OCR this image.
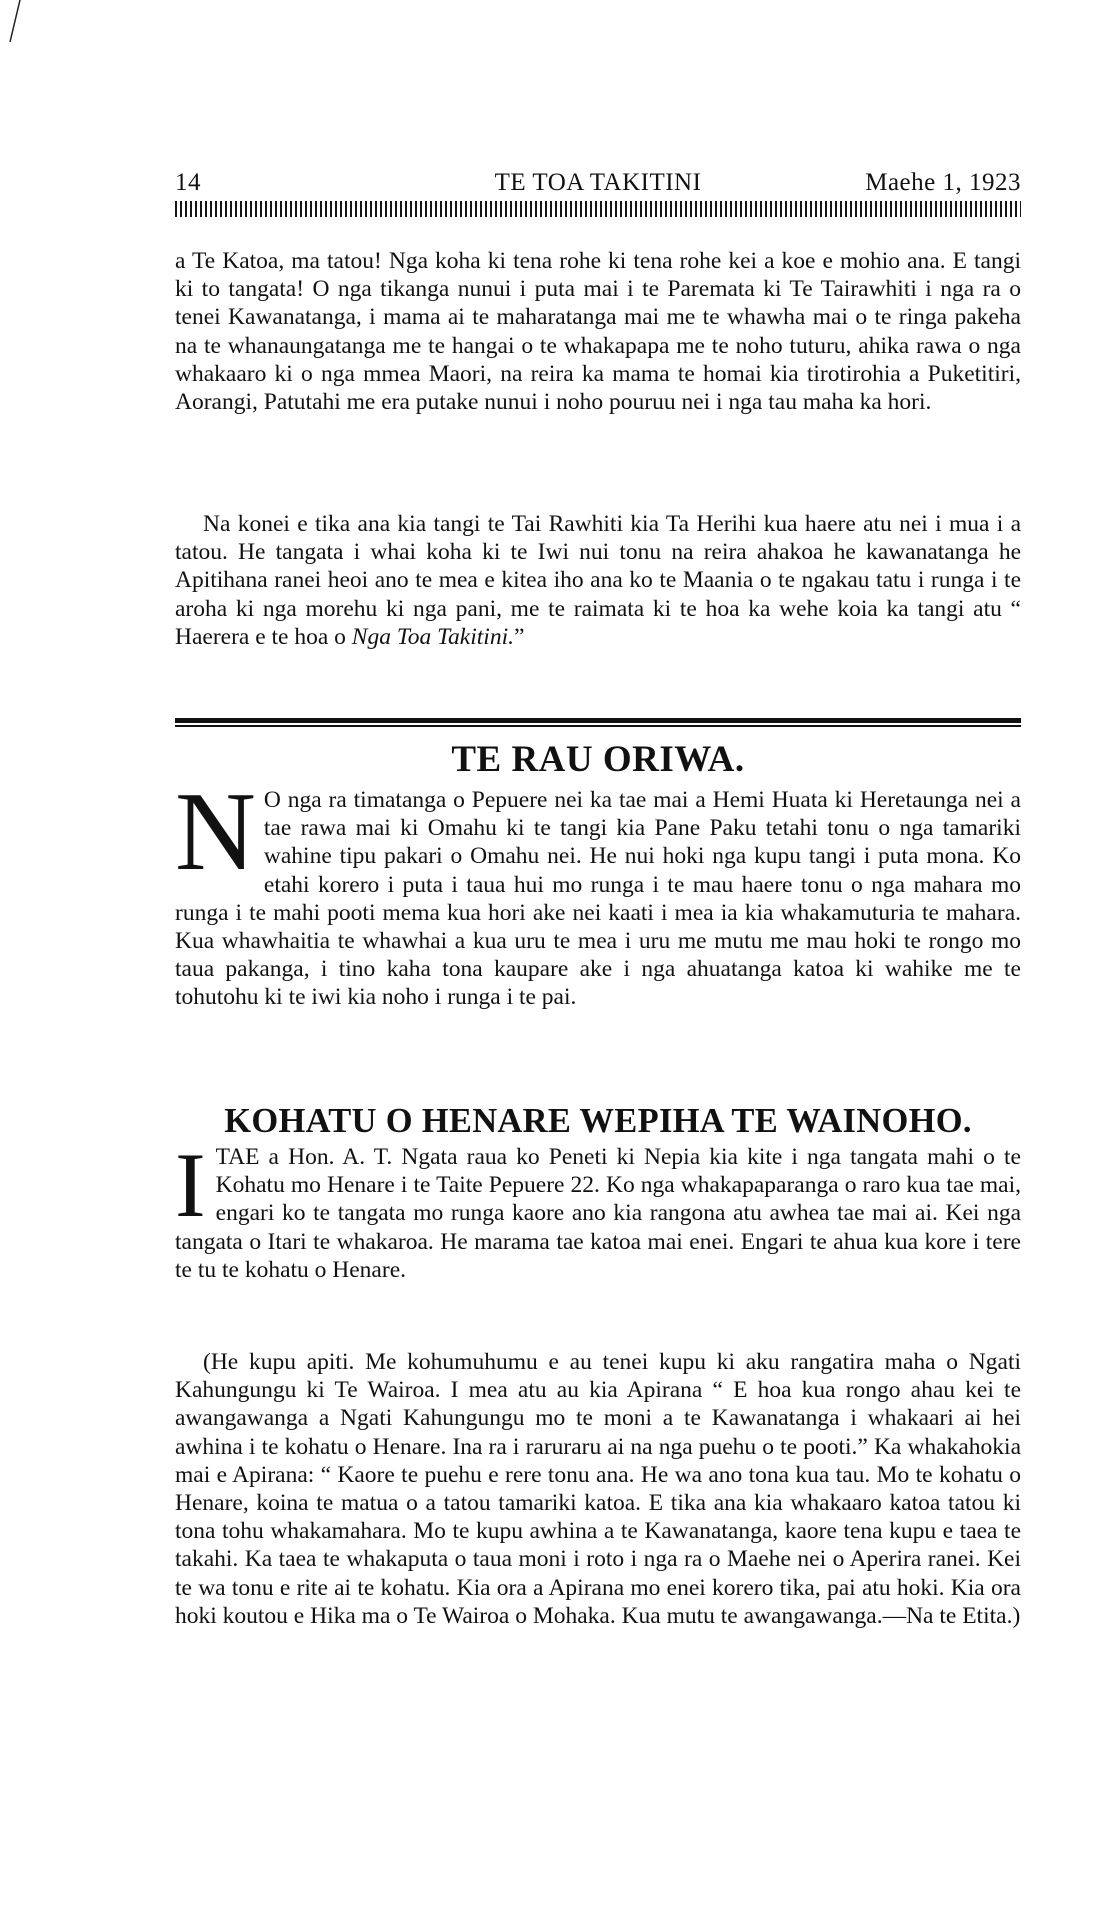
14	TE TOA TAKITINI	Maehe 1, 1923

a Te Katoa, ma tatou! Nga koha ki tena rohe ki tena rohe kei a koe e mohio ana. E tangi ki to tangata! O nga tikanga nunui i puta mai i te Paremata ki Te Tairawhiti i nga ra o tenei Kawanatanga, i mama ai te maharatanga mai me te whawha mai o te ringa pakeha na te whanaungatanga me te hangai o te whakapapa me te noho tuturu, ahika rawa o nga whakaaro ki o nga mmea Maori, na reira ka mama te homai kia tirotirohia a Puketitiri, Aorangi, Patutahi me era putake nunui i noho pouruu nei i nga tau maha ka hori.

Na konei e tika ana kia tangi te Tai Rawhiti kia Ta Herihi kua haere atu nei i mua i a tatou. He tangata i whai koha ki te Iwi nui tonu na reira ahakoa he kawanatanga he Apitihana ranei heoi ano te mea e kitea iho ana ko te Maania o te ngakau tatu i runga i te aroha ki nga morehu ki nga pani, me te raimata ki te hoa ka wehe koia ka tangi atu “ Haerera e te hoa o Nga Toa Takitini.”

TE RAU ORIWA.
N O nga ra timatanga o Pepuere nei ka tae mai a Hemi Huata ki Heretaunga nei a tae rawa mai ki Omahu ki te tangi kia Pane Paku tetahi tonu o nga tamariki wahine tipu pakari o Omahu nei. He nui hoki nga kupu tangi i puta mona. Ko etahi korero i puta i taua hui mo runga i te mau haere tonu o nga mahara mo runga i te mahi pooti mema kua hori ake nei kaati i mea ia kia whakamuturia te mahara. Kua whawhaitia te whawhai a kua uru te mea i uru me mutu me mau hoki te rongo mo taua pakanga, i tino kaha tona kaupare ake i nga ahuatanga katoa ki wahike me te tohutohu ki te iwi kia noho i runga i te pai.

KOHATU O HENARE WEPIHA TE WAINOHO.
I TAE a Hon. A. T. Ngata raua ko Peneti ki Nepia kia kite i nga tangata mahi o te Kohatu mo Henare i te Taite Pepuere 22. Ko nga whakapaparanga o raro kua tae mai, engari ko te tangata mo runga kaore ano kia rangona atu awhea tae mai ai. Kei nga tangata o Itari te whakaroa. He marama tae katoa mai enei. Engari te ahua kua kore i tere te tu te kohatu o Henare.

(He kupu apiti. Me kohumuhumu e au tenei kupu ki aku rangatira maha o Ngati Kahungungu ki Te Wairoa. I mea atu au kia Apirana “ E hoa kua rongo ahau kei te awangawanga a Ngati Kahungungu mo te moni a te Kawanatanga i whakaari ai hei awhina i te kohatu o Henare. Ina ra i raruraru ai na nga puehu o te pooti.” Ka whakahokia mai e Apirana: “ Kaore te puehu e rere tonu ana. He wa ano tona kua tau. Mo te kohatu o Henare, koina te matua o a tatou tamariki katoa. E tika ana kia whakaaro katoa tatou ki tona tohu whakamahara. Mo te kupu awhina a te Kawanatanga, kaore tena kupu e taea te takahi. Ka taea te whakaputa o taua moni i roto i nga ra o Maehe nei o Aperira ranei. Kei te wa tonu e rite ai te kohatu. Kia ora a Apirana mo enei korero tika, pai atu hoki. Kia ora hoki koutou e Hika ma o Te Wairoa o Mohaka. Kua mutu te awangawanga.—Na te Etita.)
